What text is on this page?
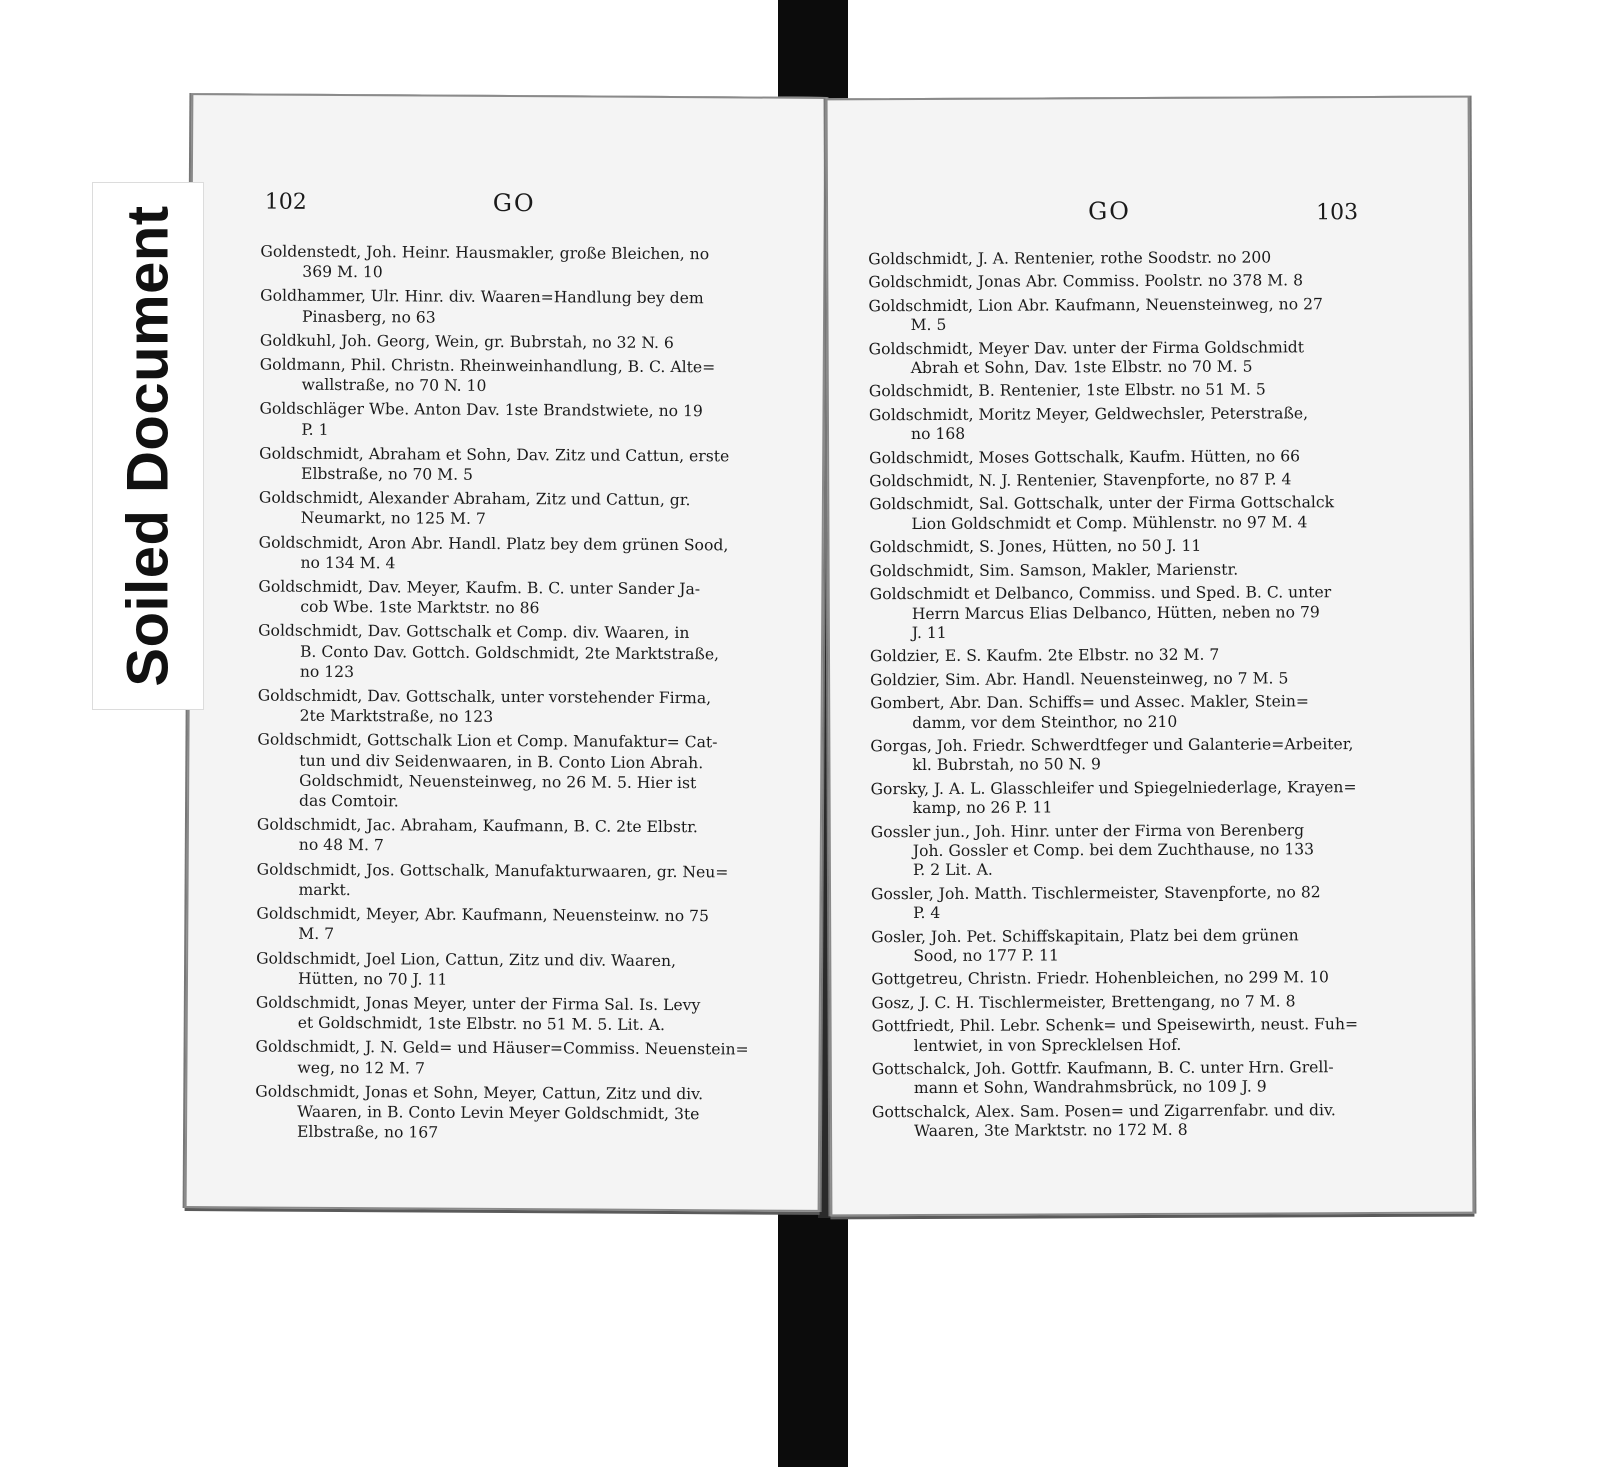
102	GO
Goldenstedt, Joh. Heinr. Hausmakler, große Bleichen, no
369 M. 10
Goldhammer, Ulr. Hinr. div. Waaren=Handlung bey dem
Pinasberg, no 63
Goldkuhl, Joh. Georg, Wein, gr. Bubrstah, no 32 N. 6
Goldmann, Phil. Christn. Rheinweinhandlung, B. C. Alte=
wallstraße, no 70 N. 10
Goldschläger Wbe. Anton Dav. 1ste Brandstwiete, no 19
P. 1
Goldschmidt, Abraham et Sohn, Dav. Zitz und Cattun, erste
Elbstraße, no 70 M. 5
Goldschmidt, Alexander Abraham, Zitz und Cattun, gr.
Neumarkt, no 125 M. 7
Goldschmidt, Aron Abr. Handl. Platz bey dem grünen Sood,
no 134 M. 4
Goldschmidt, Dav. Meyer, Kaufm. B. C. unter Sander Ja-
cob Wbe. 1ste Marktstr. no 86
Goldschmidt, Dav. Gottschalk et Comp. div. Waaren, in
B. Conto Dav. Gottch. Goldschmidt, 2te Marktstraße,
no 123
Goldschmidt, Dav. Gottschalk, unter vorstehender Firma,
2te Marktstraße, no 123
Goldschmidt, Gottschalk Lion et Comp. Manufaktur= Cat-
tun und div Seidenwaaren, in B. Conto Lion Abrah.
Goldschmidt, Neuensteinweg, no 26 M. 5. Hier ist
das Comtoir.
Goldschmidt, Jac. Abraham, Kaufmann, B. C. 2te Elbstr.
no 48 M. 7
Goldschmidt, Jos. Gottschalk, Manufakturwaaren, gr. Neu=
markt.
Goldschmidt, Meyer, Abr. Kaufmann, Neuensteinw. no 75
M. 7
Goldschmidt, Joel Lion, Cattun, Zitz und div. Waaren,
Hütten, no 70 J. 11
Goldschmidt, Jonas Meyer, unter der Firma Sal. Is. Levy
et Goldschmidt, 1ste Elbstr. no 51 M. 5. Lit. A.
Goldschmidt, J. N. Geld= und Häuser=Commiss. Neuenstein=
weg, no 12 M. 7
Goldschmidt, Jonas et Sohn, Meyer, Cattun, Zitz und div.
Waaren, in B. Conto Levin Meyer Goldschmidt, 3te
Elbstraße, no 167
GO	103
Goldschmidt, J. A. Rentenier, rothe Soodstr. no 200
Goldschmidt, Jonas Abr. Commiss. Poolstr. no 378 M. 8
Goldschmidt, Lion Abr. Kaufmann, Neuensteinweg, no 27
M. 5
Goldschmidt, Meyer Dav. unter der Firma Goldschmidt
Abrah et Sohn, Dav. 1ste Elbstr. no 70 M. 5
Goldschmidt, B. Rentenier, 1ste Elbstr. no 51 M. 5
Goldschmidt, Moritz Meyer, Geldwechsler, Peterstraße,
no 168
Goldschmidt, Moses Gottschalk, Kaufm. Hütten, no 66
Goldschmidt, N. J. Rentenier, Stavenpforte, no 87 P. 4
Goldschmidt, Sal. Gottschalk, unter der Firma Gottschalck
Lion Goldschmidt et Comp. Mühlenstr. no 97 M. 4
Goldschmidt, S. Jones, Hütten, no 50 J. 11
Goldschmidt, Sim. Samson, Makler, Marienstr.
Goldschmidt et Delbanco, Commiss. und Sped. B. C. unter
Herrn Marcus Elias Delbanco, Hütten, neben no 79
J. 11
Goldzier, E. S. Kaufm. 2te Elbstr. no 32 M. 7
Goldzier, Sim. Abr. Handl. Neuensteinweg, no 7 M. 5
Gombert, Abr. Dan. Schiffs= und Assec. Makler, Stein=
damm, vor dem Steinthor, no 210
Gorgas, Joh. Friedr. Schwerdtfeger und Galanterie=Arbeiter,
kl. Bubrstah, no 50 N. 9
Gorsky, J. A. L. Glasschleifer und Spiegelniederlage, Krayen=
kamp, no 26 P. 11
Gossler jun., Joh. Hinr. unter der Firma von Berenberg
Joh. Gossler et Comp. bei dem Zuchthause, no 133
P. 2 Lit. A.
Gossler, Joh. Matth. Tischlermeister, Stavenpforte, no 82
P. 4
Gosler, Joh. Pet. Schiffskapitain, Platz bei dem grünen
Sood, no 177 P. 11
Gottgetreu, Christn. Friedr. Hohenbleichen, no 299 M. 10
Gosz, J. C. H. Tischlermeister, Brettengang, no 7 M. 8
Gottfriedt, Phil. Lebr. Schenk= und Speisewirth, neust. Fuh=
lentwiet, in von Sprecklelsen Hof.
Gottschalck, Joh. Gottfr. Kaufmann, B. C. unter Hrn. Grell-
mann et Sohn, Wandrahmsbrück, no 109 J. 9
Gottschalck, Alex. Sam. Posen= und Zigarrenfabr. und div.
Waaren, 3te Marktstr. no 172 M. 8
Soiled Document
